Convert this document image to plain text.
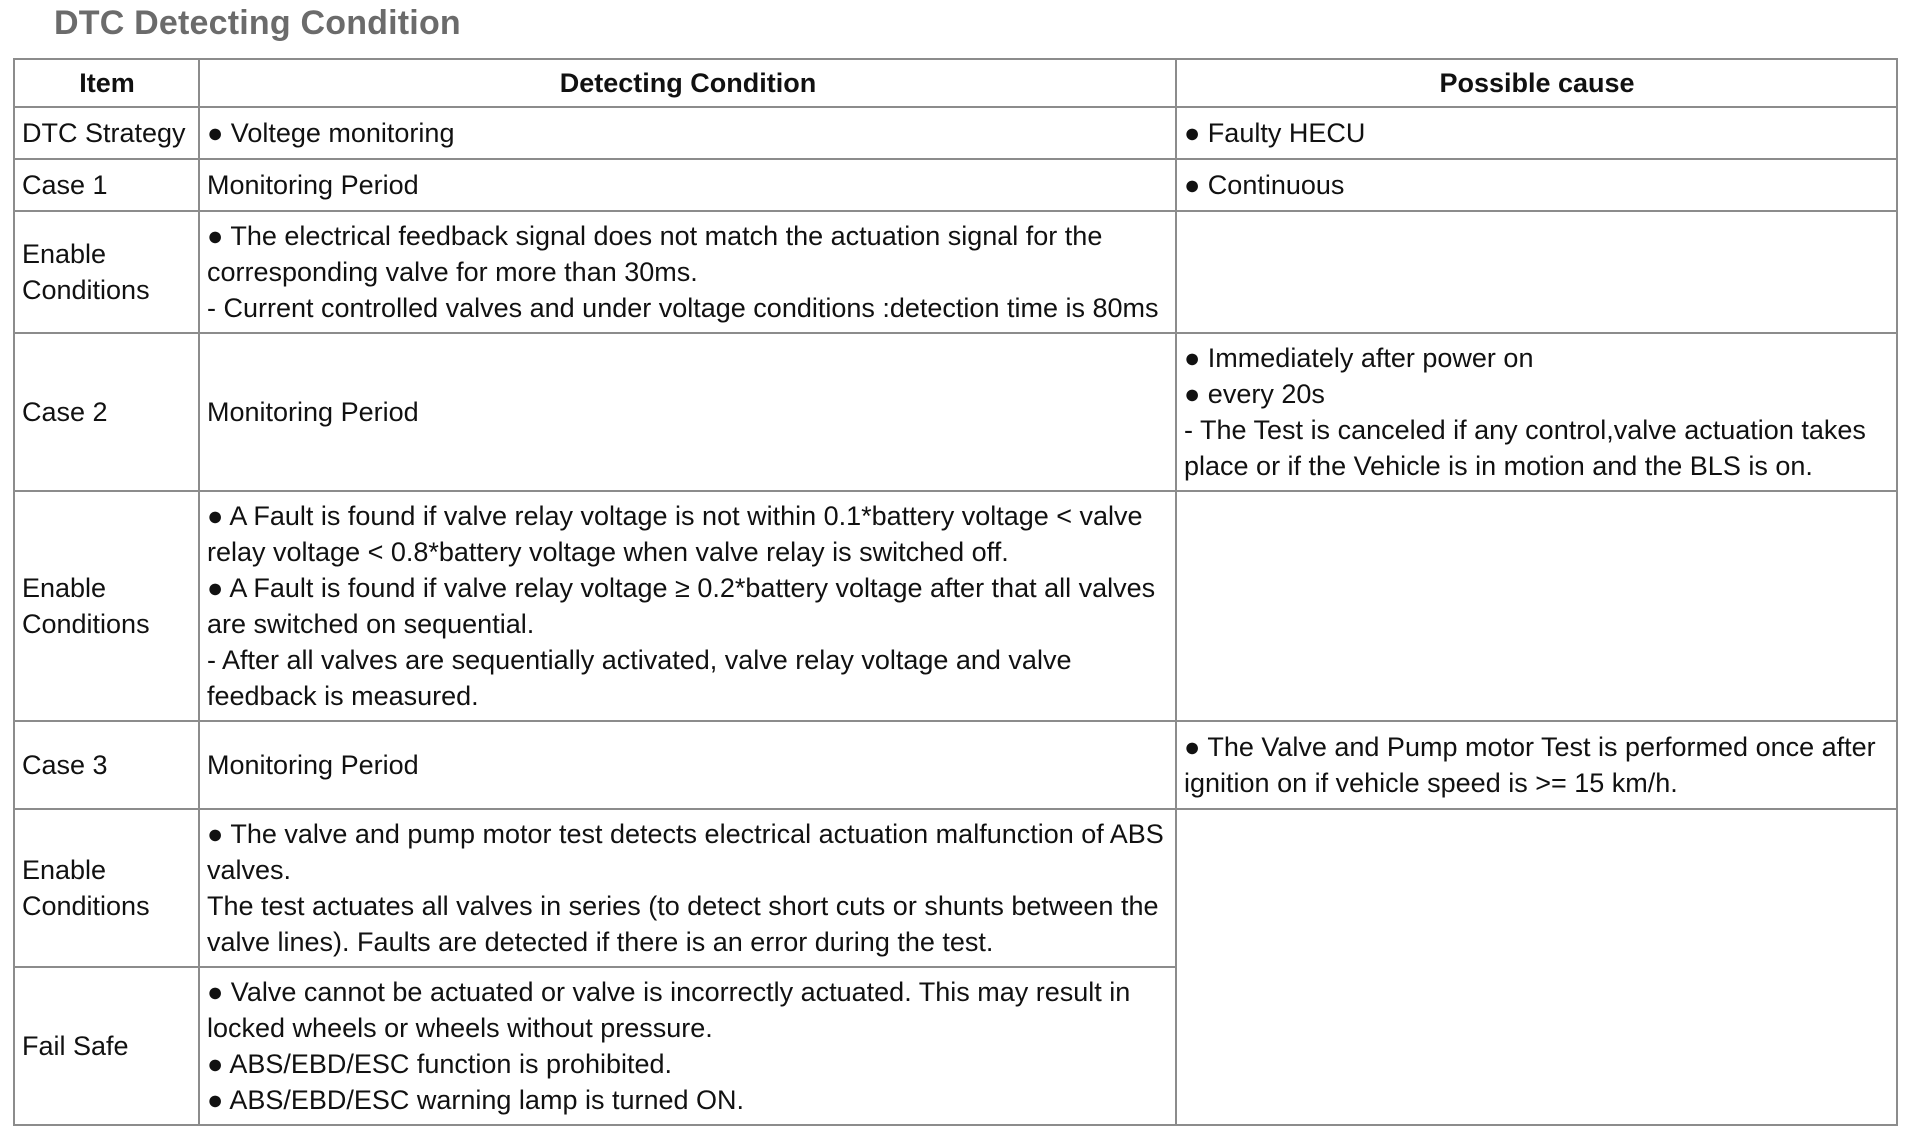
DTC Detecting Condition
Item	Detecting Condition	Possible cause
DTC Strategy	● Voltege monitoring	● Faulty HECU

Case 1	Monitoring Period	● Continuous

Enable Conditions	● The electrical feedback signal does not match the actuation signal for the corresponding valve for more than 30ms.
- Current controlled valves and under voltage conditions :detection time is 80ms	

Case 2	Monitoring Period	● Immediately after power on
● every 20s
- The Test is canceled if any control,valve actuation takes place or if the Vehicle is in motion and the BLS is on.

Enable Conditions	● A Fault is found if valve relay voltage is not within 0.1*battery voltage < valve relay voltage < 0.8*battery voltage when valve relay is switched off.
● A Fault is found if valve relay voltage ≥ 0.2*battery voltage after that all valves are switched on sequential.
- After all valves are sequentially activated, valve relay voltage and valve feedback is measured.	

Case 3	Monitoring Period	● The Valve and Pump motor Test is performed once after ignition on if vehicle speed is >= 15 km/h.

Enable Conditions	● The valve and pump motor test detects electrical actuation malfunction of ABS valves.
The test actuates all valves in series (to detect short cuts or shunts between the valve lines). Faults are detected if there is an error during the test.	

Fail Safe	● Valve cannot be actuated or valve is incorrectly actuated. This may result in locked wheels or wheels without pressure.
● ABS/EBD/ESC function is prohibited.
● ABS/EBD/ESC warning lamp is turned ON.	
